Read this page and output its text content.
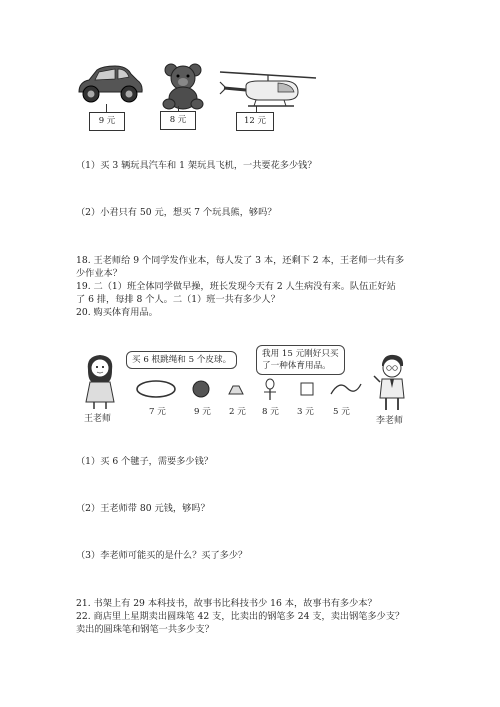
9 元	8 元	12 元
（1）买 3 辆玩具汽车和 1 架玩具飞机，一共要花多少钱？
（2）小君只有 50 元，想买 7 个玩具熊，够吗？
18. 王老师给 9 个同学发作业本，每人发了 3 本，还剩下 2 本，王老师一共有多
少作业本？
19. 二（1）班全体同学做早操，班长发现今天有 2 人生病没有来。队伍正好站
了 6 排，每排 8 个人。二（1）班一共有多少人？
20. 购买体育用品。
王老师
买 6 根跳绳和 5 个皮球。
我用 15 元刚好只买
了一种体育用品。
李老师
7 元	9 元 2 元 8 元 3 元 5 元
（1）买 6 个毽子，需要多少钱？
（2）王老师带 80 元钱，够吗？
（3）李老师可能买的是什么？买了多少？
21. 书架上有 29 本科技书，故事书比科技书少 16 本，故事书有多少本？
22. 商店里上星期卖出圆珠笔 42 支，比卖出的钢笔多 24 支，卖出钢笔多少支？
卖出的圆珠笔和钢笔一共多少支？
